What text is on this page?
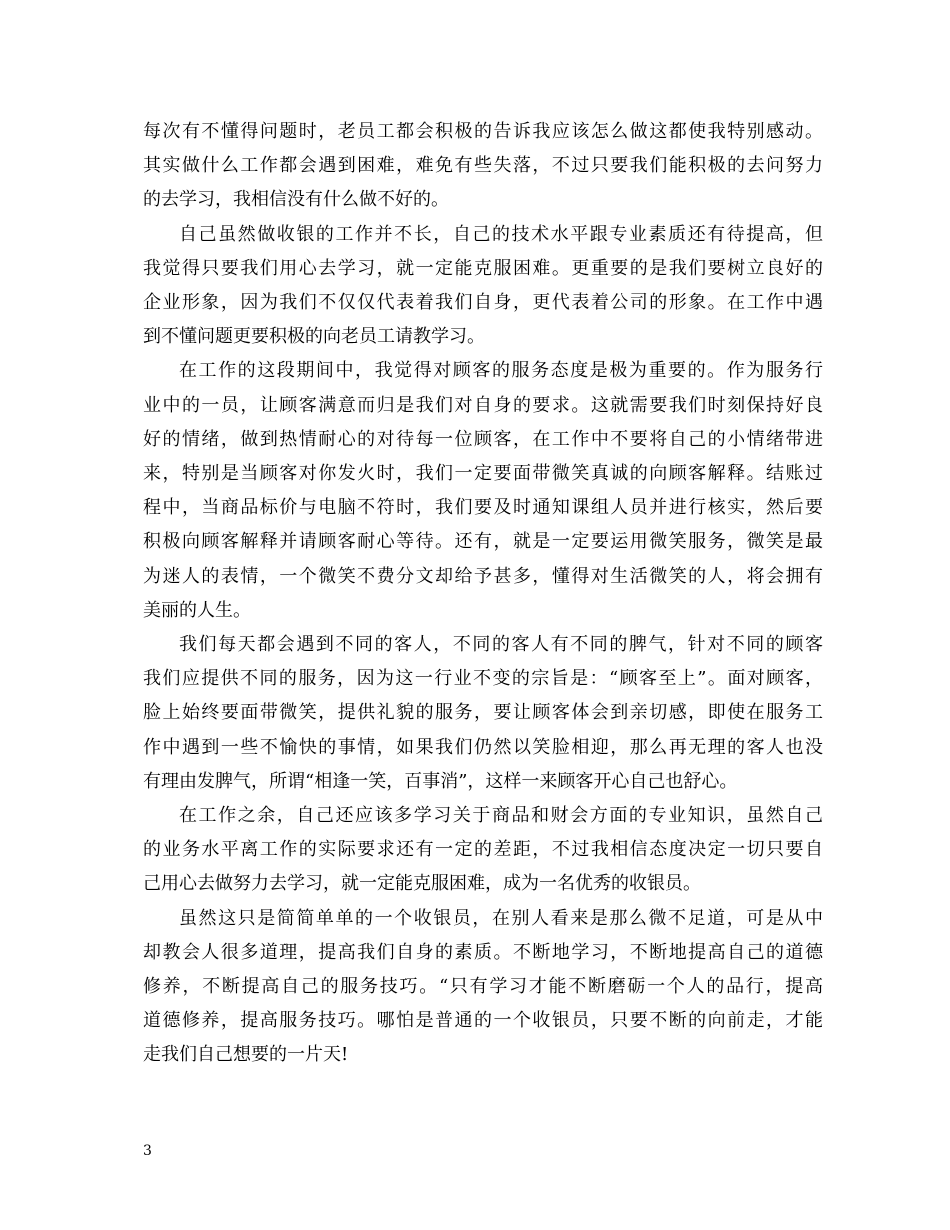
每次有不懂得问题时，老员工都会积极的告诉我应该怎么做这都使我特别感动。
其实做什么工作都会遇到困难，难免有些失落，不过只要我们能积极的去问努力
的去学习，我相信没有什么做不好的。
自己虽然做收银的工作并不长，自己的技术水平跟专业素质还有待提高，但
我觉得只要我们用心去学习，就一定能克服困难。更重要的是我们要树立良好的
企业形象，因为我们不仅仅代表着我们自身，更代表着公司的形象。在工作中遇
到不懂问题更要积极的向老员工请教学习。
在工作的这段期间中，我觉得对顾客的服务态度是极为重要的。作为服务行
业中的一员，让顾客满意而归是我们对自身的要求。这就需要我们时刻保持好良
好的情绪，做到热情耐心的对待每一位顾客，在工作中不要将自己的小情绪带进
来，特别是当顾客对你发火时，我们一定要面带微笑真诚的向顾客解释。结账过
程中，当商品标价与电脑不符时，我们要及时通知课组人员并进行核实，然后要
积极向顾客解释并请顾客耐心等待。还有，就是一定要运用微笑服务，微笑是最
为迷人的表情，一个微笑不费分文却给予甚多，懂得对生活微笑的人，将会拥有
美丽的人生。
我们每天都会遇到不同的客人，不同的客人有不同的脾气，针对不同的顾客
我们应提供不同的服务，因为这一行业不变的宗旨是：“顾客至上”。面对顾客，
脸上始终要面带微笑，提供礼貌的服务，要让顾客体会到亲切感，即使在服务工
作中遇到一些不愉快的事情，如果我们仍然以笑脸相迎，那么再无理的客人也没
有理由发脾气，所谓“相逢一笑，百事消”，这样一来顾客开心自己也舒心。
在工作之余，自己还应该多学习关于商品和财会方面的专业知识，虽然自己
的业务水平离工作的实际要求还有一定的差距，不过我相信态度决定一切只要自
己用心去做努力去学习，就一定能克服困难，成为一名优秀的收银员。
虽然这只是简简单单的一个收银员，在别人看来是那么微不足道，可是从中
却教会人很多道理，提高我们自身的素质。不断地学习，不断地提高自己的道德
修养，不断提高自己的服务技巧。“只有学习才能不断磨砺一个人的品行，提高
道德修养，提高服务技巧。哪怕是普通的一个收银员，只要不断的向前走，才能
走我们自己想要的一片天!
3
